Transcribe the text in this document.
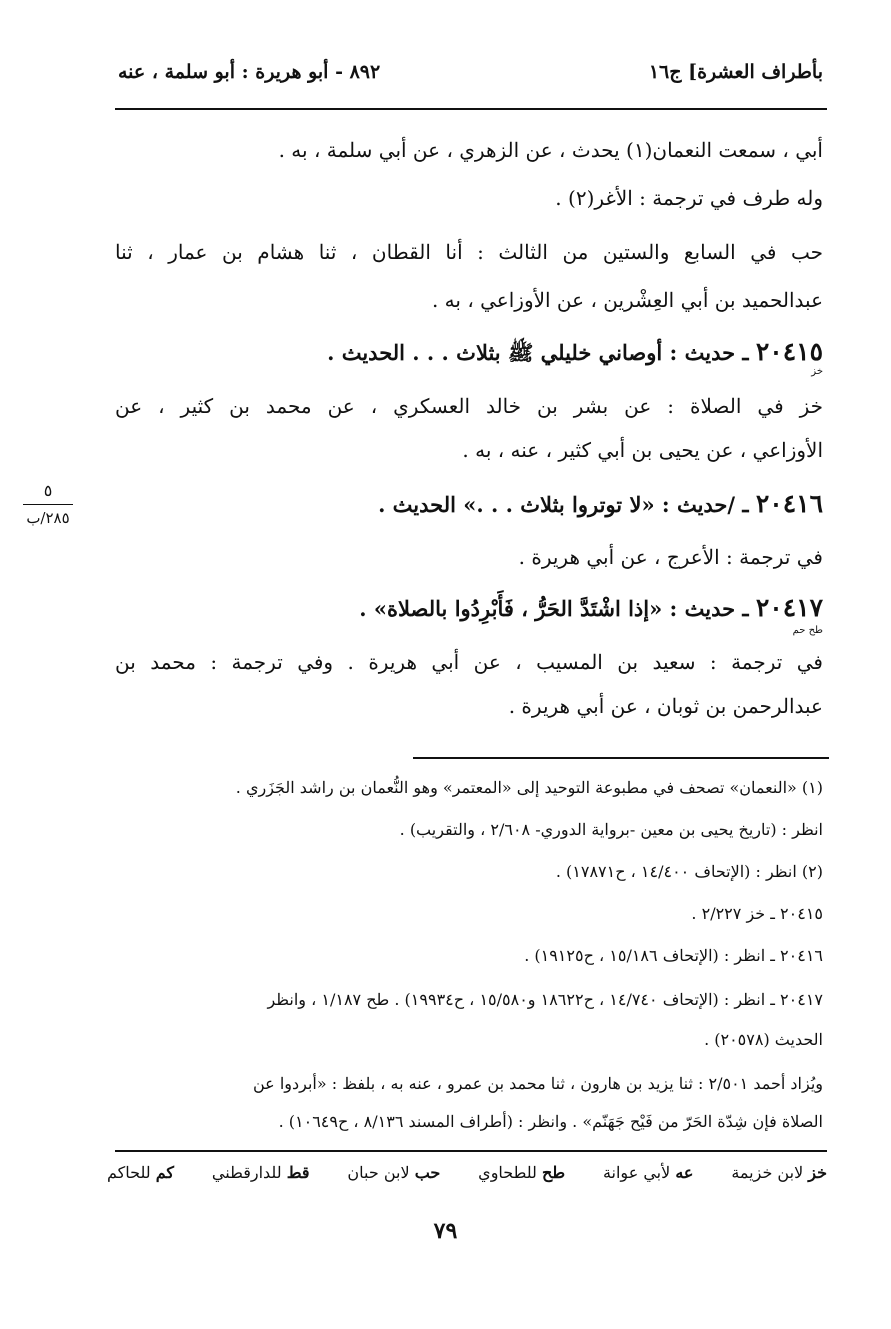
بأطراف العشرة] ج١٦
٨٩٢ - أبو هريرة : أبو سلمة ، عنه
أبي ، سمعت النعمان(١) يحدث ، عن الزهري ، عن أبي سلمة ، به .
وله طرف في ترجمة : الأغر(٢) .
حب في السابع والستين من الثالث : أنا القطان ، ثنا هشام بن عمار ، ثنا
عبدالحميد بن أبي العِشْرين ، عن الأوزاعي ، به .
٢٠٤١٥ ـ حديث : أوصاني خليلي ﷺ بثلاث . . . الحديث .
خز
خز في الصلاة : عن بشر بن خالد العسكري ، عن محمد بن كثير ، عن
الأوزاعي ، عن يحيى بن أبي كثير ، عنه ، به .
٢٠٤١٦ ـ /حديث : «لا توتروا بثلاث . . .» الحديث .
٥
٢٨٥/ب
في ترجمة : الأعرج ، عن أبي هريرة .
٢٠٤١٧ ـ حديث : «إذا اشْتَدَّ الحَرُّ ، فَأَبْرِدُوا بالصلاة» .
طح حم
في ترجمة : سعيد بن المسيب ، عن أبي هريرة . وفي ترجمة : محمد بن
عبدالرحمن بن ثوبان ، عن أبي هريرة .
(١) «النعمان» تصحف في مطبوعة التوحيد إلى «المعتمر» وهو النُّعمان بن راشد الجَزَري .
انظر : (تاريخ يحيى بن معين -برواية الدوري- ٢/٦٠٨ ، والتقريب) .
(٢) انظر : (الإتحاف ١٤/٤٠٠ ، ح١٧٨٧١) .
٢٠٤١٥ ـ خز ٢/٢٢٧ .
٢٠٤١٦ ـ انظر : (الإتحاف ١٥/١٨٦ ، ح١٩١٢٥) .
٢٠٤١٧ ـ انظر : (الإتحاف ١٤/٧٤٠ ، ح١٨٦٢٢ و١٥/٥٨٠ ، ح١٩٩٣٤) . طح ١/١٨٧ ، وانظر
الحديث (٢٠٥٧٨) .
ويُزاد أحمد ٢/٥٠١ : ثنا يزيد بن هارون ، ثنا محمد بن عمرو ، عنه به ، بلفظ : «أبردوا عن
الصلاة فإن شِدّة الحَرّ من فَيْح جَهَنّم» . وانظر : (أطراف المسند ٨/١٣٦ ، ح١٠٦٤٩) .
خز لابن خزيمة
عه لأبي عوانة
طح للطحاوي
حب لابن حبان
قط للدارقطني
كم للحاكم
٧٩
